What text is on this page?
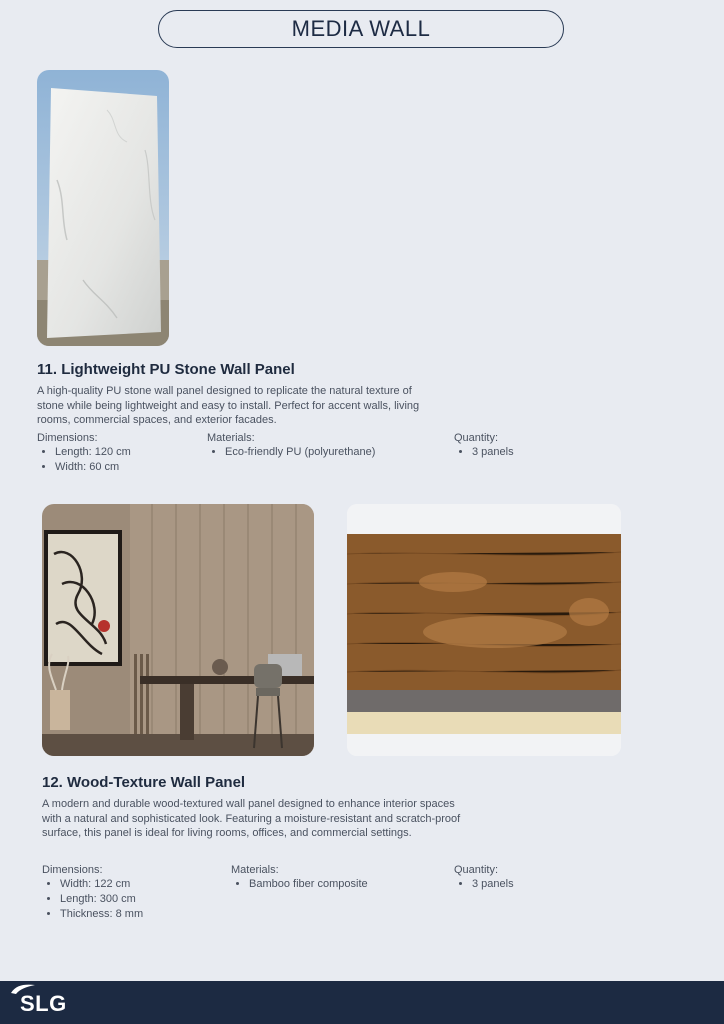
MEDIA WALL
11. Lightweight PU Stone Wall Panel
A high-quality PU stone wall panel designed to replicate the natural texture of stone while being lightweight and easy to install. Perfect for accent walls, living rooms, commercial spaces, and exterior facades.
Dimensions:
• Length: 120 cm
• Width: 60 cm
Materials:
• Eco-friendly PU (polyurethane)
Quantity:
• 3 panels
12. Wood-Texture Wall Panel
A modern and durable wood-textured wall panel designed to enhance interior spaces with a natural and sophisticated look. Featuring a moisture-resistant and scratch-proof surface, this panel is ideal for living rooms, offices, and commercial settings.
Dimensions:
• Width: 122 cm
• Length: 300 cm
• Thickness: 8 mm
Materials:
• Bamboo fiber composite
Quantity:
• 3 panels
SLG
